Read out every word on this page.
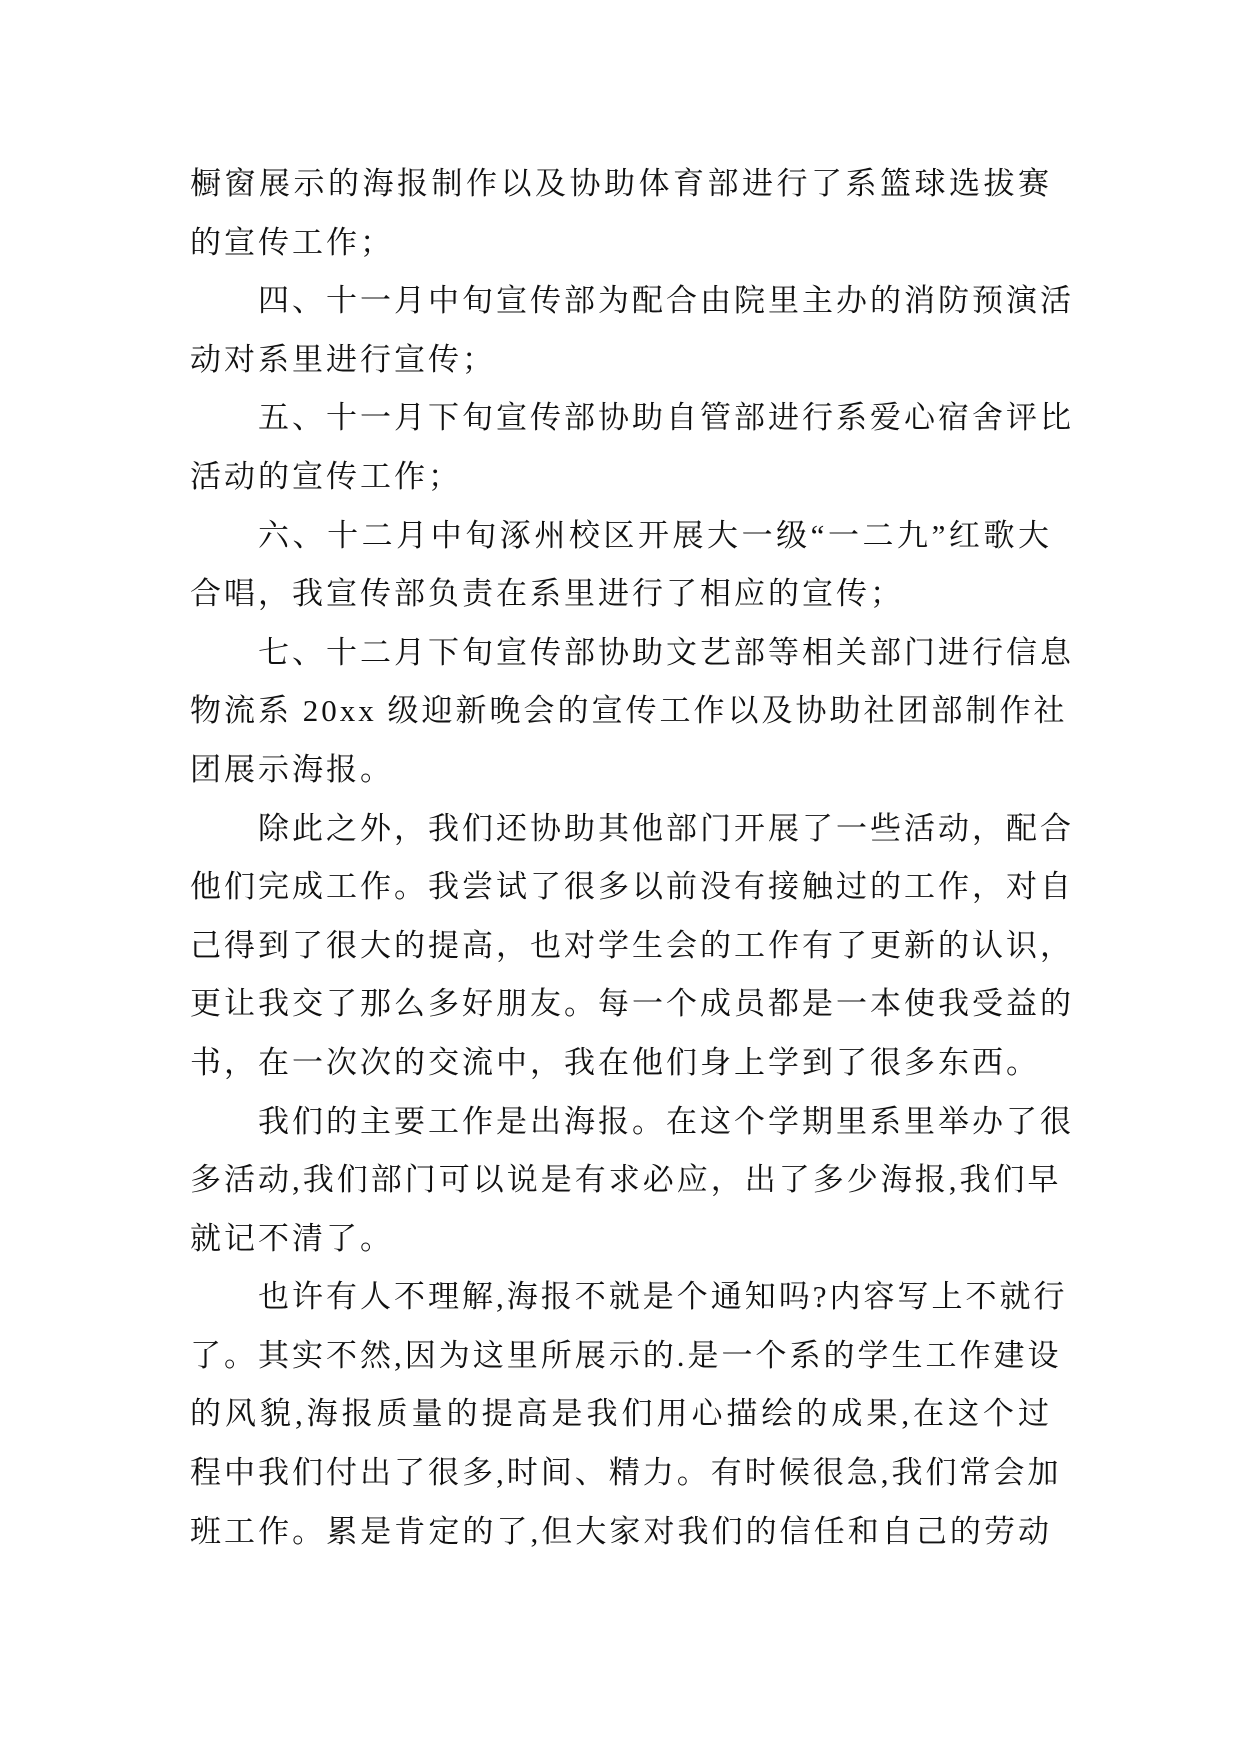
橱窗展示的海报制作以及协助体育部进行了系篮球选拔赛
的宣传工作；
四、十一月中旬宣传部为配合由院里主办的消防预演活
动对系里进行宣传；
五、十一月下旬宣传部协助自管部进行系爱心宿舍评比
活动的宣传工作；
六、十二月中旬涿州校区开展大一级“一二九”红歌大
合唱，我宣传部负责在系里进行了相应的宣传；
七、十二月下旬宣传部协助文艺部等相关部门进行信息
物流系 20xx 级迎新晚会的宣传工作以及协助社团部制作社
团展示海报。
除此之外，我们还协助其他部门开展了一些活动，配合
他们完成工作。我尝试了很多以前没有接触过的工作，对自
己得到了很大的提高，也对学生会的工作有了更新的认识，
更让我交了那么多好朋友。每一个成员都是一本使我受益的
书，在一次次的交流中，我在他们身上学到了很多东西。
我们的主要工作是出海报。在这个学期里系里举办了很
多活动,我们部门可以说是有求必应，出了多少海报,我们早
就记不清了。
也许有人不理解,海报不就是个通知吗?内容写上不就行
了。其实不然,因为这里所展示的.是一个系的学生工作建设
的风貌,海报质量的提高是我们用心描绘的成果,在这个过
程中我们付出了很多,时间、精力。有时候很急,我们常会加
班工作。累是肯定的了,但大家对我们的信任和自己的劳动
